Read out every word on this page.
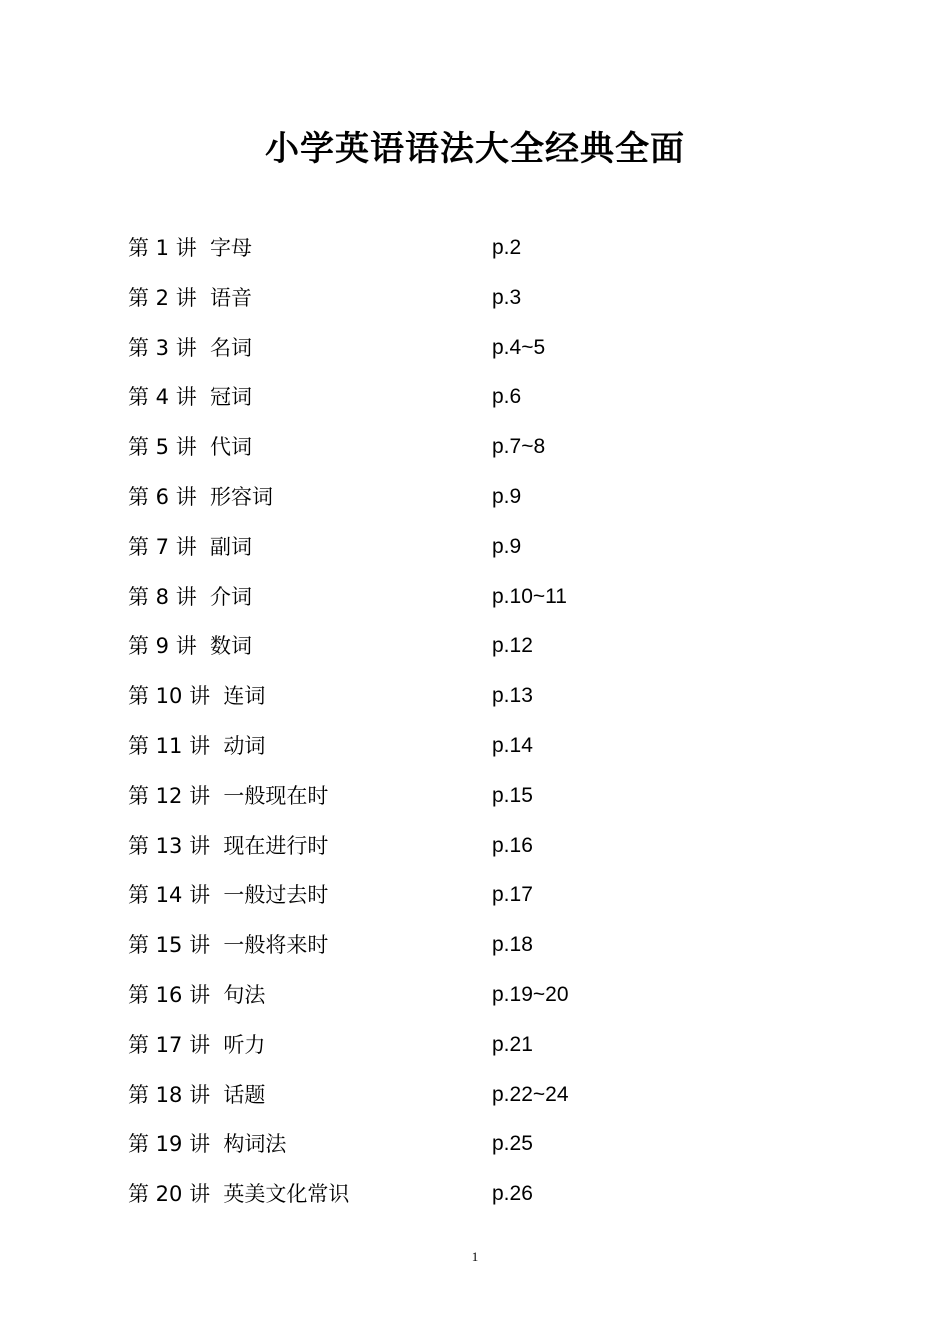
小学英语语法大全经典全面
第 1 讲  字母	p.2
第 2 讲  语音	p.3
第 3 讲  名词	p.4~5
第 4 讲  冠词	p.6
第 5 讲  代词	p.7~8
第 6 讲  形容词	p.9
第 7 讲  副词	p.9
第 8 讲  介词	p.10~11
第 9 讲  数词	p.12
第 10 讲  连词	p.13
第 11 讲  动词	p.14
第 12 讲  一般现在时	p.15
第 13 讲  现在进行时	p.16
第 14 讲  一般过去时	p.17
第 15 讲  一般将来时	p.18
第 16 讲  句法	p.19~20
第 17 讲  听力	p.21
第 18 讲  话题	p.22~24
第 19 讲  构词法	p.25
第 20 讲  英美文化常识	p.26
1
